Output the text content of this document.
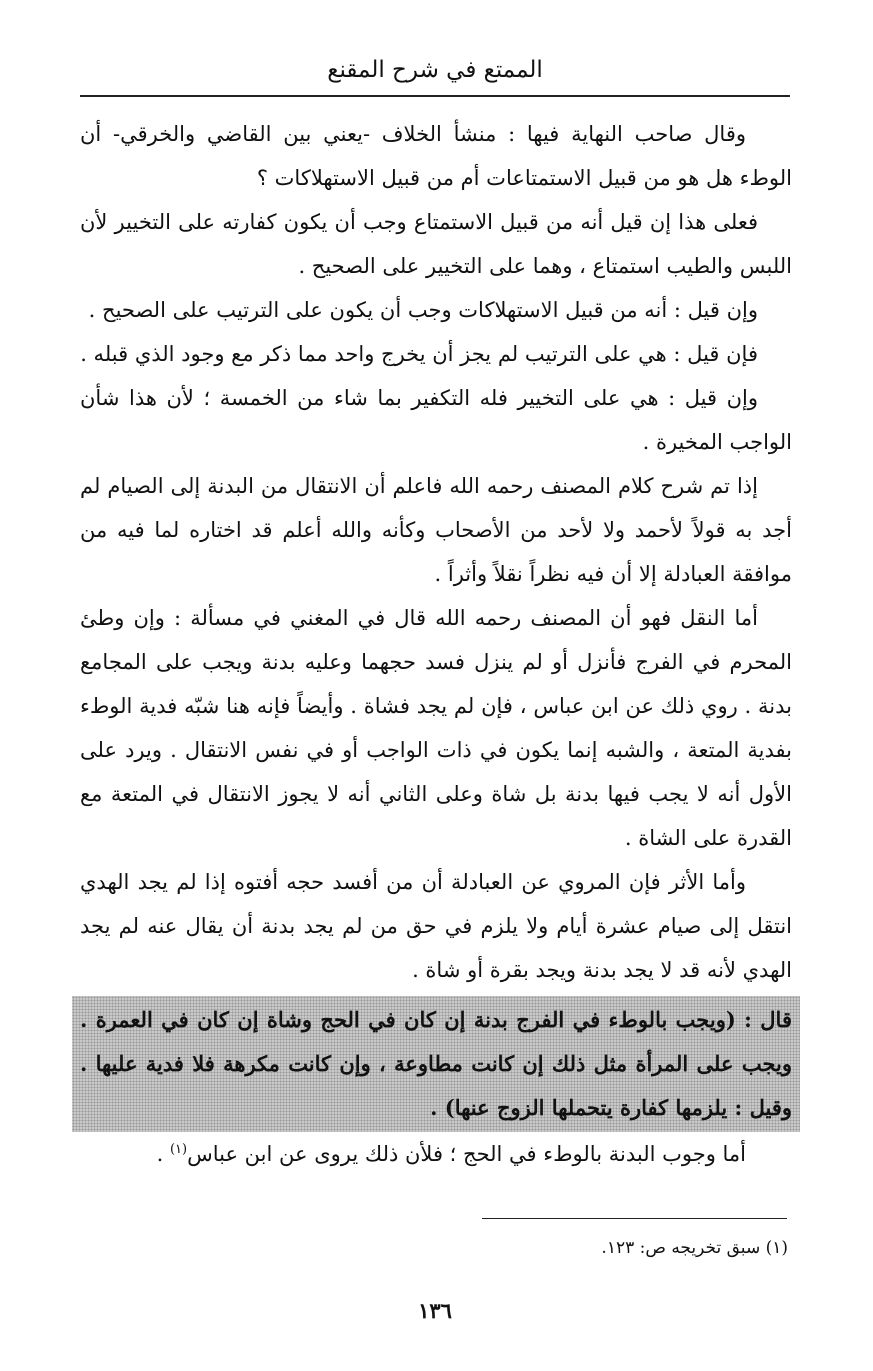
الممتع في شرح المقنع

وقال صاحب النهاية فيها : منشأ الخلاف -يعني بين القاضي والخرقي- أن الوطء هل هو من قبيل الاستمتاعات أم من قبيل الاستهلاكات ؟

فعلى هذا إن قيل أنه من قبيل الاستمتاع وجب أن يكون كفارته على التخيير لأن اللبس والطيب استمتاع ، وهما على التخيير على الصحيح .

وإن قيل : أنه من قبيل الاستهلاكات وجب أن يكون على الترتيب على الصحيح .

فإن قيل : هي على الترتيب لم يجز أن يخرج واحد مما ذكر مع وجود الذي قبله .

وإن قيل : هي على التخيير فله التكفير بما شاء من الخمسة ؛ لأن هذا شأن الواجب المخيرة .

إذا تم شرح كلام المصنف رحمه الله فاعلم أن الانتقال من البدنة إلى الصيام لم أجد به قولاً لأحمد ولا لأحد من الأصحاب وكأنه والله أعلم قد اختاره لما فيه من موافقة العبادلة إلا أن فيه نظراً نقلاً وأثراً .

أما النقل فهو أن المصنف رحمه الله قال في المغني في مسألة : وإن وطئ المحرم في الفرج فأنزل أو لم ينزل فسد حجهما وعليه بدنة ويجب على المجامع بدنة . روي ذلك عن ابن عباس ، فإن لم يجد فشاة . وأيضاً فإنه هنا شبّه فدية الوطء بفدية المتعة ، والشبه إنما يكون في ذات الواجب أو في نفس الانتقال . ويرد على الأول أنه لا يجب فيها بدنة بل شاة وعلى الثاني أنه لا يجوز الانتقال في المتعة مع القدرة على الشاة .

وأما الأثر فإن المروي عن العبادلة أن من أفسد حجه أفتوه إذا لم يجد الهدي انتقل إلى صيام عشرة أيام ولا يلزم في حق من لم يجد بدنة أن يقال عنه لم يجد الهدي لأنه قد لا يجد بدنة ويجد بقرة أو شاة .

قال : (ويجب بالوطء في الفرج بدنة إن كان في الحج وشاة إن كان في العمرة . ويجب على المرأة مثل ذلك إن كانت مطاوعة ، وإن كانت مكرهة فلا فدية عليها . وقيل : يلزمها كفارة يتحملها الزوج عنها) .

أما وجوب البدنة بالوطء في الحج ؛ فلأن ذلك يروى عن ابن عباس$^{(١)}$ .

(١) سبق تخريجه ص: ١٢٣.
١٣٦
